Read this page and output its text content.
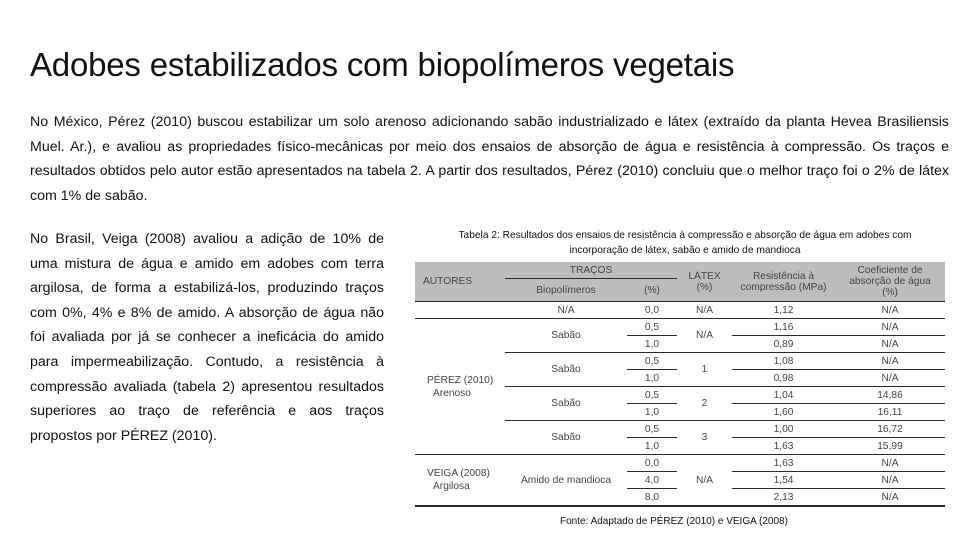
Adobes estabilizados com biopolímeros vegetais
No México, Pérez (2010) buscou estabilizar um solo arenoso adicionando sabão industrializado e látex (extraído da planta Hevea Brasiliensis Muel. Ar.), e avaliou as propriedades físico-mecânicas por meio dos ensaios de absorção de água e resistência à compressão. Os traços e resultados obtidos pelo autor estão apresentados na tabela 2. A partir dos resultados, Pérez (2010) concluiu que o melhor traço foi o 2% de látex com 1% de sabão.
No Brasil, Veiga (2008) avaliou a adição de 10% de uma mistura de água e amido em adobes com terra argilosa, de forma a estabilizá-los, produzindo traços com 0%, 4% e 8% de amido. A absorção de água não foi avaliada por já se conhecer a ineficácia do amido para impermeabilização. Contudo, a resistência à compressão avaliada (tabela 2) apresentou resultados superiores ao traço de referência e aos traços propostos por PÉREZ (2010).
Tabela 2: Resultados dos ensaios de resistência à compressão e absorção de água em adobes com incorporação de látex, sabão e amido de mandioca
AUTORES	TRAÇOS		LÁTEX (%)	Resistência à compressão (MPa)	Coeficiente de absorção de água (%)
	Biopolímeros	(%)			
	N/A	0,0	N/A	1,12	N/A

PÉREZ (2010)
Arenoso	Sabão	0,5	N/A	1,16	N/A
		1,0		0,89	N/A
	Sabão	0,5	1	1,08	N/A
		1,0		0,98	N/A
	Sabão	0,5	2	1,04	14,86
		1,0		1,60	16,11
	Sabão	0,5	3	1,00	16,72
		1,0		1,63	15,99

VEIGA (2008)
Argilosa	Amido de mandioca	0,0	N/A	1,63	N/A
		4,0		1,54	N/A
		8,0		2,13	N/A
Fonte: Adaptado de PÉREZ (2010) e VEIGA (2008)
